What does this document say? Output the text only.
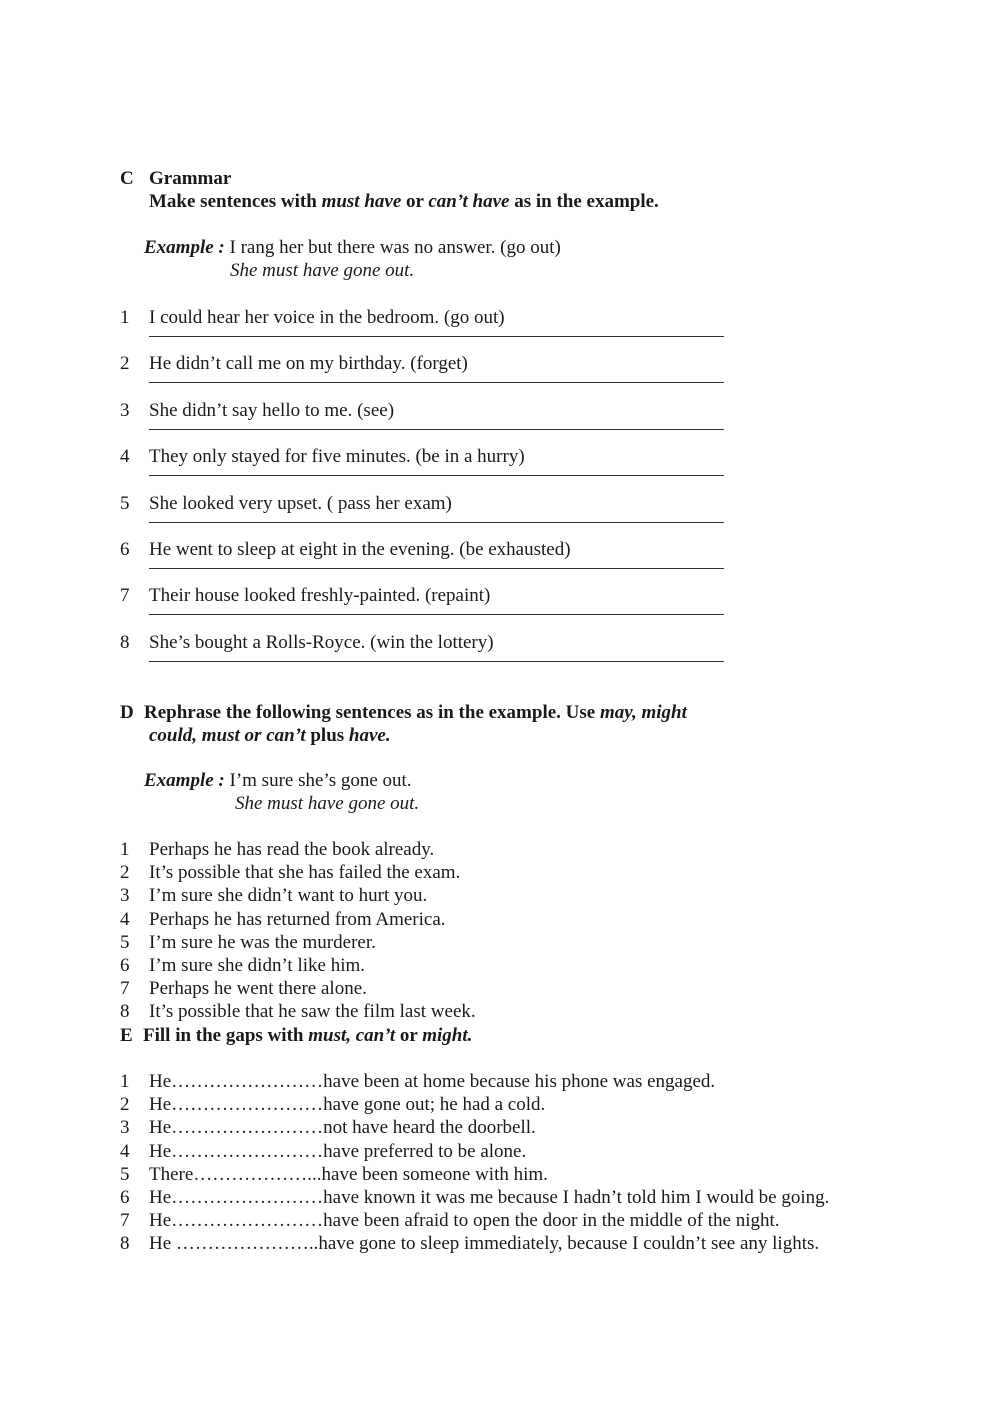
C Grammar
Make sentences with must have or can’t have as in the example.
Example : I rang her but there was no answer. (go out)
She must have gone out.
1 I could hear her voice in the bedroom. (go out)
2 He didn’t call me on my birthday. (forget)
3 She didn’t say hello to me. (see)
4 They only stayed for five minutes. (be in a hurry)
5 She looked very upset. ( pass her exam)
6 He went to sleep at eight in the evening. (be exhausted)
7 Their house looked freshly-painted. (repaint)
8 She’s bought a Rolls-Royce. (win the lottery)
D Rephrase the following sentences as in the example. Use may, might
could, must or can’t plus have.
Example : I’m sure she’s gone out.
She must have gone out.
1 Perhaps he has read the book already.
2 It’s possible that she has failed the exam.
3 I’m sure she didn’t want to hurt you.
4 Perhaps he has returned from America.
5 I’m sure he was the murderer.
6 I’m sure she didn’t like him.
7 Perhaps he went there alone.
8 It’s possible that he saw the film last week.
E Fill in the gaps with must, can’t or might.
1 He……………………have been at home because his phone was engaged.
2 He……………………have gone out; he had a cold.
3 He……………………not have heard the doorbell.
4 He……………………have preferred to be alone.
5 There………………...have been someone with him.
6 He……………………have known it was me because I hadn’t told him I would be going.
7 He……………………have been afraid to open the door in the middle of the night.
8 He …………………..have gone to sleep immediately, because I couldn’t see any lights.
